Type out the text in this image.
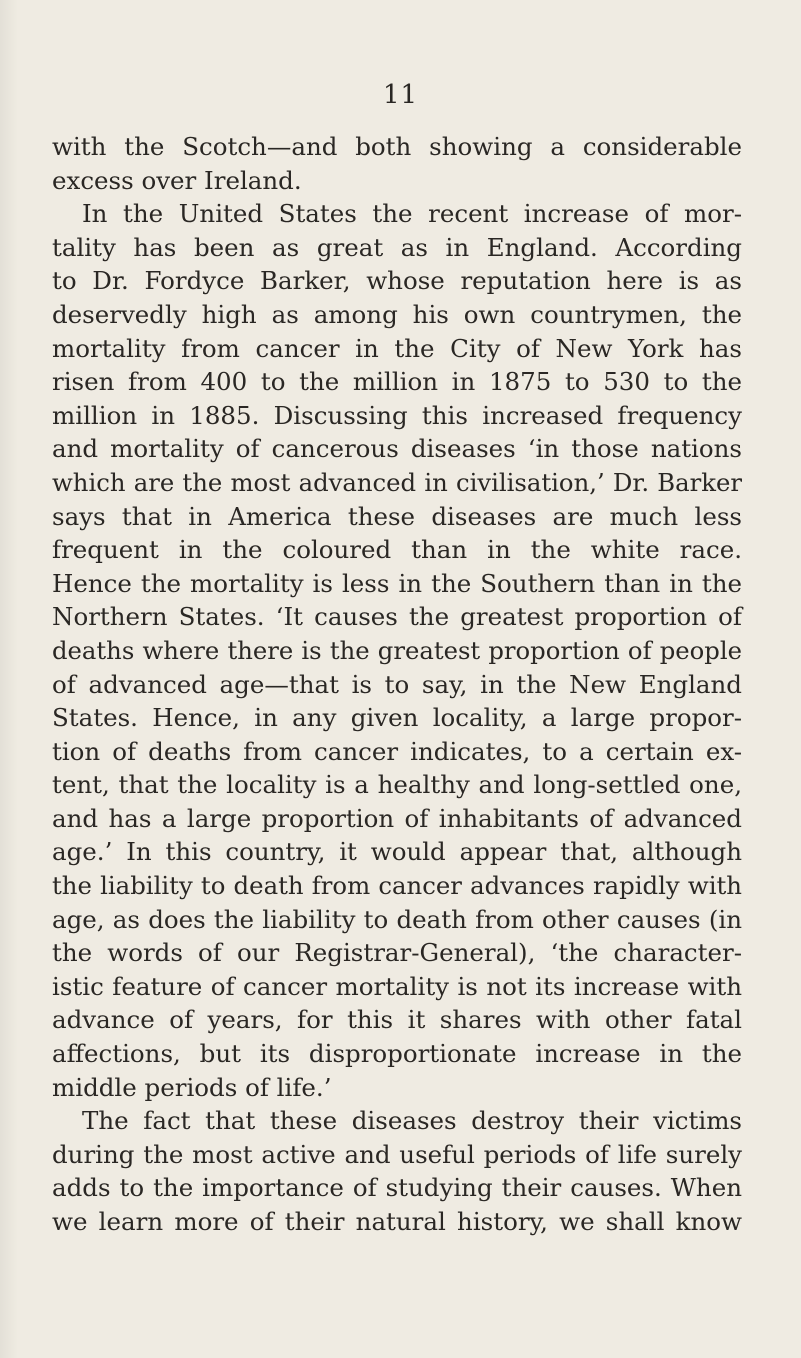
11
with the Scotch—and both showing a considerable
excess over Ireland.
In the United States the recent increase of mor-
tality has been as great as in England. According
to Dr. Fordyce Barker, whose reputation here is as
deservedly high as among his own countrymen, the
mortality from cancer in the City of New York has
risen from 400 to the million in 1875 to 530 to the
million in 1885. Discussing this increased frequency
and mortality of cancerous diseases ‘in those nations
which are the most advanced in civilisation,’ Dr. Barker
says that in America these diseases are much less
frequent in the coloured than in the white race.
Hence the mortality is less in the Southern than in the
Northern States. ‘It causes the greatest proportion of
deaths where there is the greatest proportion of people
of advanced age—that is to say, in the New England
States. Hence, in any given locality, a large propor-
tion of deaths from cancer indicates, to a certain ex-
tent, that the locality is a healthy and long-settled one,
and has a large proportion of inhabitants of advanced
age.’ In this country, it would appear that, although
the liability to death from cancer advances rapidly with
age, as does the liability to death from other causes (in
the words of our Registrar-General), ‘the character-
istic feature of cancer mortality is not its increase with
advance of years, for this it shares with other fatal
affections, but its disproportionate increase in the
middle periods of life.’
The fact that these diseases destroy their victims
during the most active and useful periods of life surely
adds to the importance of studying their causes. When
we learn more of their natural history, we shall know
